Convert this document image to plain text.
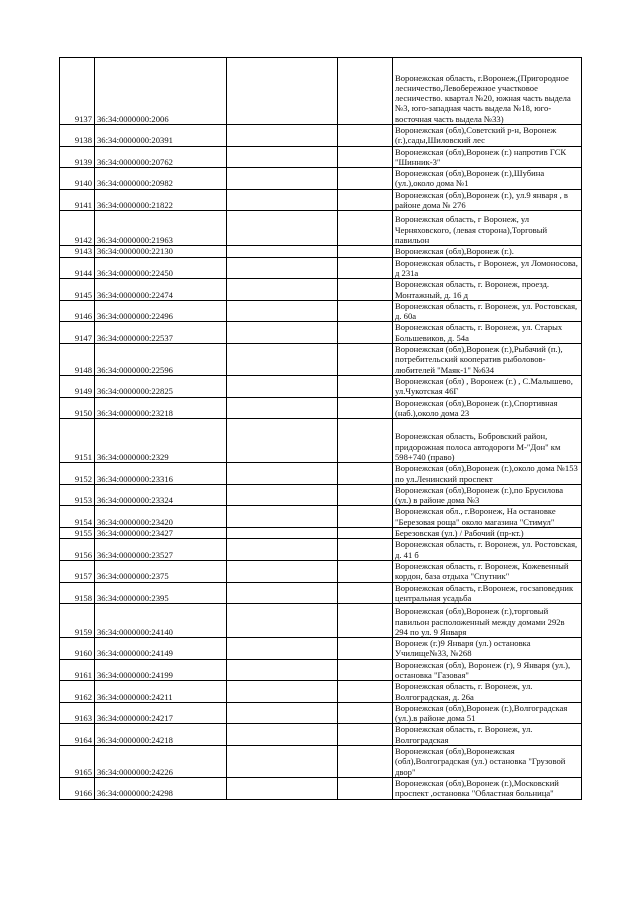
9137	36:34:0000000:2006			Воронежская область, г.Воронеж,(Пригородное лесничество,Левобережное участковое лесничество. квартал №20, южная часть выдела №3, юго-западная часть выдела №18, юго-восточная часть выдела №33)
9138	36:34:0000000:20391			Воронежская (обл),Советский р-н, Воронеж (г.),сады,Шиловский лес
9139	36:34:0000000:20762			Воронежская (обл),Воронеж (г.) напротив ГСК "Шинник-3"
9140	36:34:0000000:20982			Воронежская (обл),Воронеж (г.),Шубина (ул.),около дома №1
9141	36:34:0000000:21822			Воронежская (обл),Воронеж (г.), ул.9 января , в районе дома № 276
9142	36:34:0000000:21963			Воронежская область, г Воронеж, ул Черняховского, (левая сторона),Торговый павильон
9143	36:34:0000000:22130			Воронежская (обл),Воронеж (г.).
9144	36:34:0000000:22450			Воронежская область, г Воронеж, ул Ломоносова, д 231а
9145	36:34:0000000:22474			Воронежская область, г. Воронеж, проезд. Монтажный, д. 16 д
9146	36:34:0000000:22496			Воронежская область, г. Воронеж, ул. Ростовская, д. 60а
9147	36:34:0000000:22537			Воронежская область, г. Воронеж, ул. Старых Большевиков, д. 54а
9148	36:34:0000000:22596			Воронежская (обл),Воронеж (г.),Рыбачий (п.), потребительский кооператив рыболовов-любителей "Маяк-1" №634
9149	36:34:0000000:22825			Воронежская (обл) , Воронеж (г.) , С.Малышево, ул.Чукотская 46Г
9150	36:34:0000000:23218			Воронежская (обл),Воронеж (г.),Спортивная (наб.),около дома 23
9151	36:34:0000000:2329			Воронежская область, Бобровский район, придорожная полоса автодороги М-"Дон" км 598+740 (право)
9152	36:34:0000000:23316			Воронежская (обл),Воронеж (г.),около дома №153 по ул.Ленинский проспект
9153	36:34:0000000:23324			Воронежская (обл),Воронеж (г.),по Брусилова (ул.) в районе дома №3
9154	36:34:0000000:23420			Воронежская обл., г.Воронеж, На остановке "Березовая роща" около магазина "Стимул"
9155	36:34:0000000:23427			Березовская (ул.) / Рабочий (пр-кт.)
9156	36:34:0000000:23527			Воронежская область, г. Воронеж, ул. Ростовская, д. 41 б
9157	36:34:0000000:2375			Воронежская область, г. Воронеж, Кожевенный кордон, база отдыха "Спутник"
9158	36:34:0000000:2395			Воронежская область, г.Воронеж, госзаповедник центральная усадьба
9159	36:34:0000000:24140			Воронежская (обл),Воронеж (г.),торговый павильон расположенный между домами 292в 294 по ул. 9 Января
9160	36:34:0000000:24149			Воронеж (г.)9 Января (ул.) остановка Училище№33, №268
9161	36:34:0000000:24199			Воронежская (обл), Воронеж (г), 9 Января (ул.), остановка "Газовая"
9162	36:34:0000000:24211			Воронежская область, г. Воронеж, ул. Волгоградская, д. 26а
9163	36:34:0000000:24217			Воронежская (обл),Воронеж (г.),Волгоградская (ул.).в районе дома 51
9164	36:34:0000000:24218			Воронежская область, г. Воронеж, ул. Волгоградская
9165	36:34:0000000:24226			Воронежская (обл),Воронежская (обл),Волгоградская (ул.) остановка "Грузовой двор"
9166	36:34:0000000:24298			Воронежская (обл),Воронеж (г.),Московский проспект ,остановка "Областная больница"
